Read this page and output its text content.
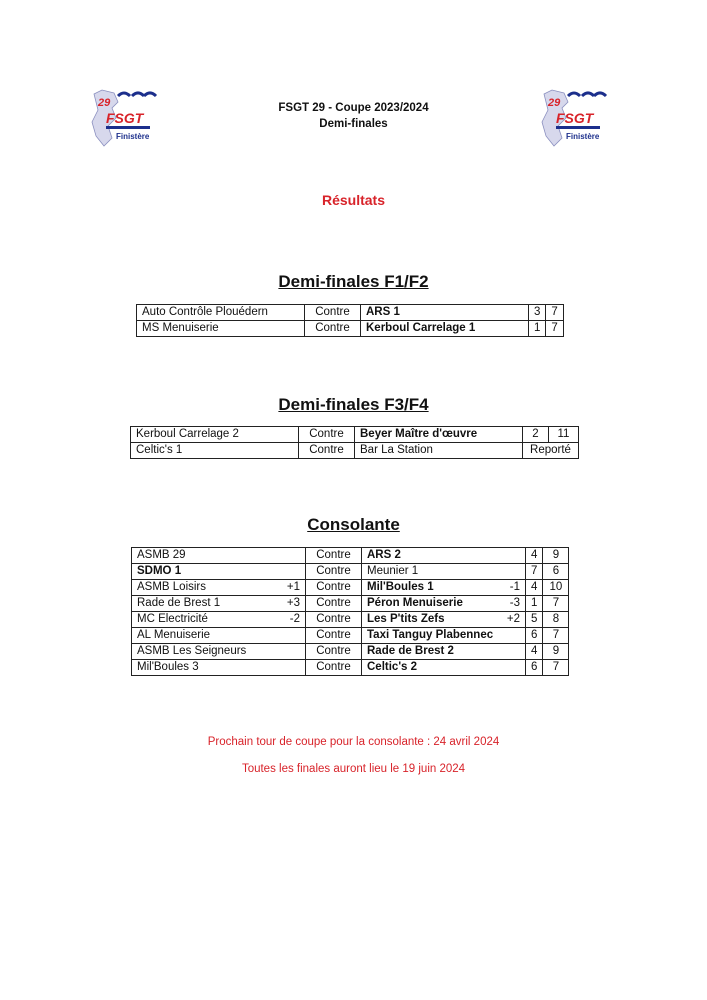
29
FSGT
Finistère
29
FSGT
Finistère
FSGT 29 - Coupe 2023/2024
Demi-finales
Résultats
Demi-finales F1/F2
Auto Contrôle Plouédern	Contre	ARS 1	3	7
MS Menuiserie	Contre	Kerboul Carrelage 1	1	7
Demi-finales F3/F4
Kerboul Carrelage 2	Contre	Beyer Maître d'œuvre	2	11
Celtic's 1	Contre	Bar La Station	Reporté	
Consolante
ASMB 29	Contre	ARS 2	4	9

SDMO 1	Contre	Meunier 1	7	6

ASMB Loisirs +1	Contre	Mil'Boules 1 -1	4	10

Rade de Brest 1 +3	Contre	Péron Menuiserie -3	1	7

MC Electricité -2	Contre	Les P'tits Zefs +2	5	8

AL Menuiserie	Contre	Taxi Tanguy Plabennec	6	7

ASMB Les Seigneurs	Contre	Rade de Brest 2	4	9

Mil'Boules 3	Contre	Celtic's 2	6	7
Prochain tour de coupe pour la consolante : 24 avril 2024
Toutes les finales auront lieu le 19 juin 2024
